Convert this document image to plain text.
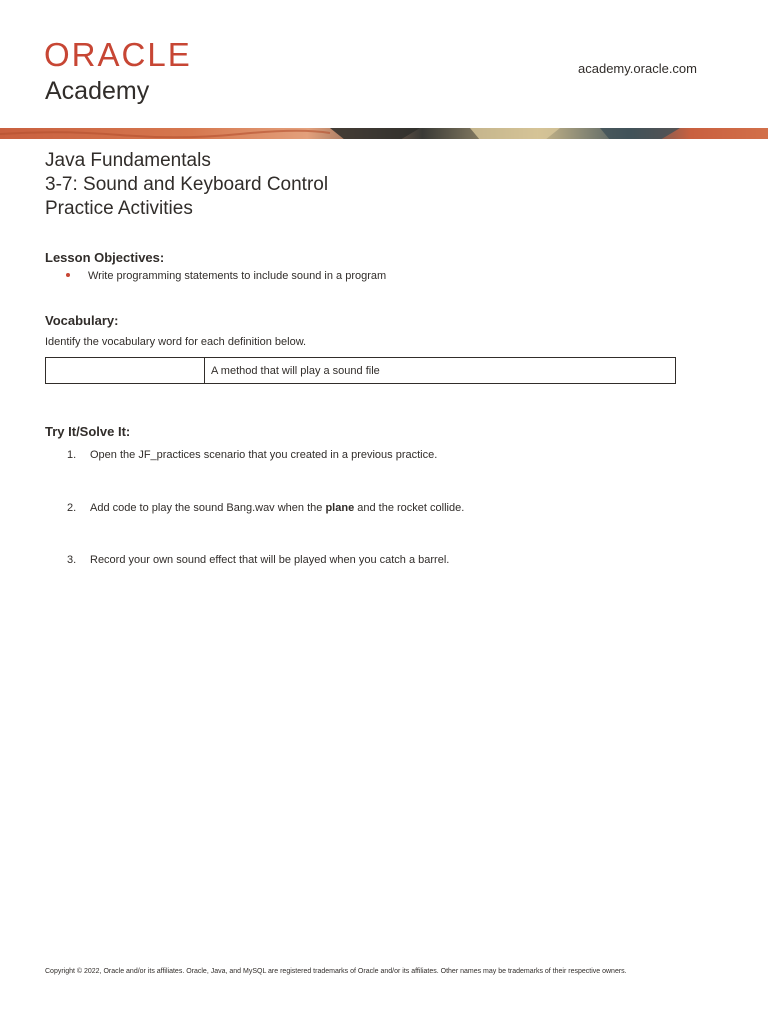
ORACLE
Academy
academy.oracle.com
Java Fundamentals
3-7: Sound and Keyboard Control
Practice Activities
Lesson Objectives:
Write programming statements to include sound in a program
Vocabulary:
Identify the vocabulary word for each definition below.
	A method that will play a sound file
Try It/Solve It:
1. Open the JF_practices scenario that you created in a previous practice.
2. Add code to play the sound Bang.wav when the plane and the rocket collide.
3. Record your own sound effect that will be played when you catch a barrel.
Copyright © 2022, Oracle and/or its affiliates. Oracle, Java, and MySQL are registered trademarks of Oracle and/or its affiliates. Other names may be trademarks of their respective owners.
